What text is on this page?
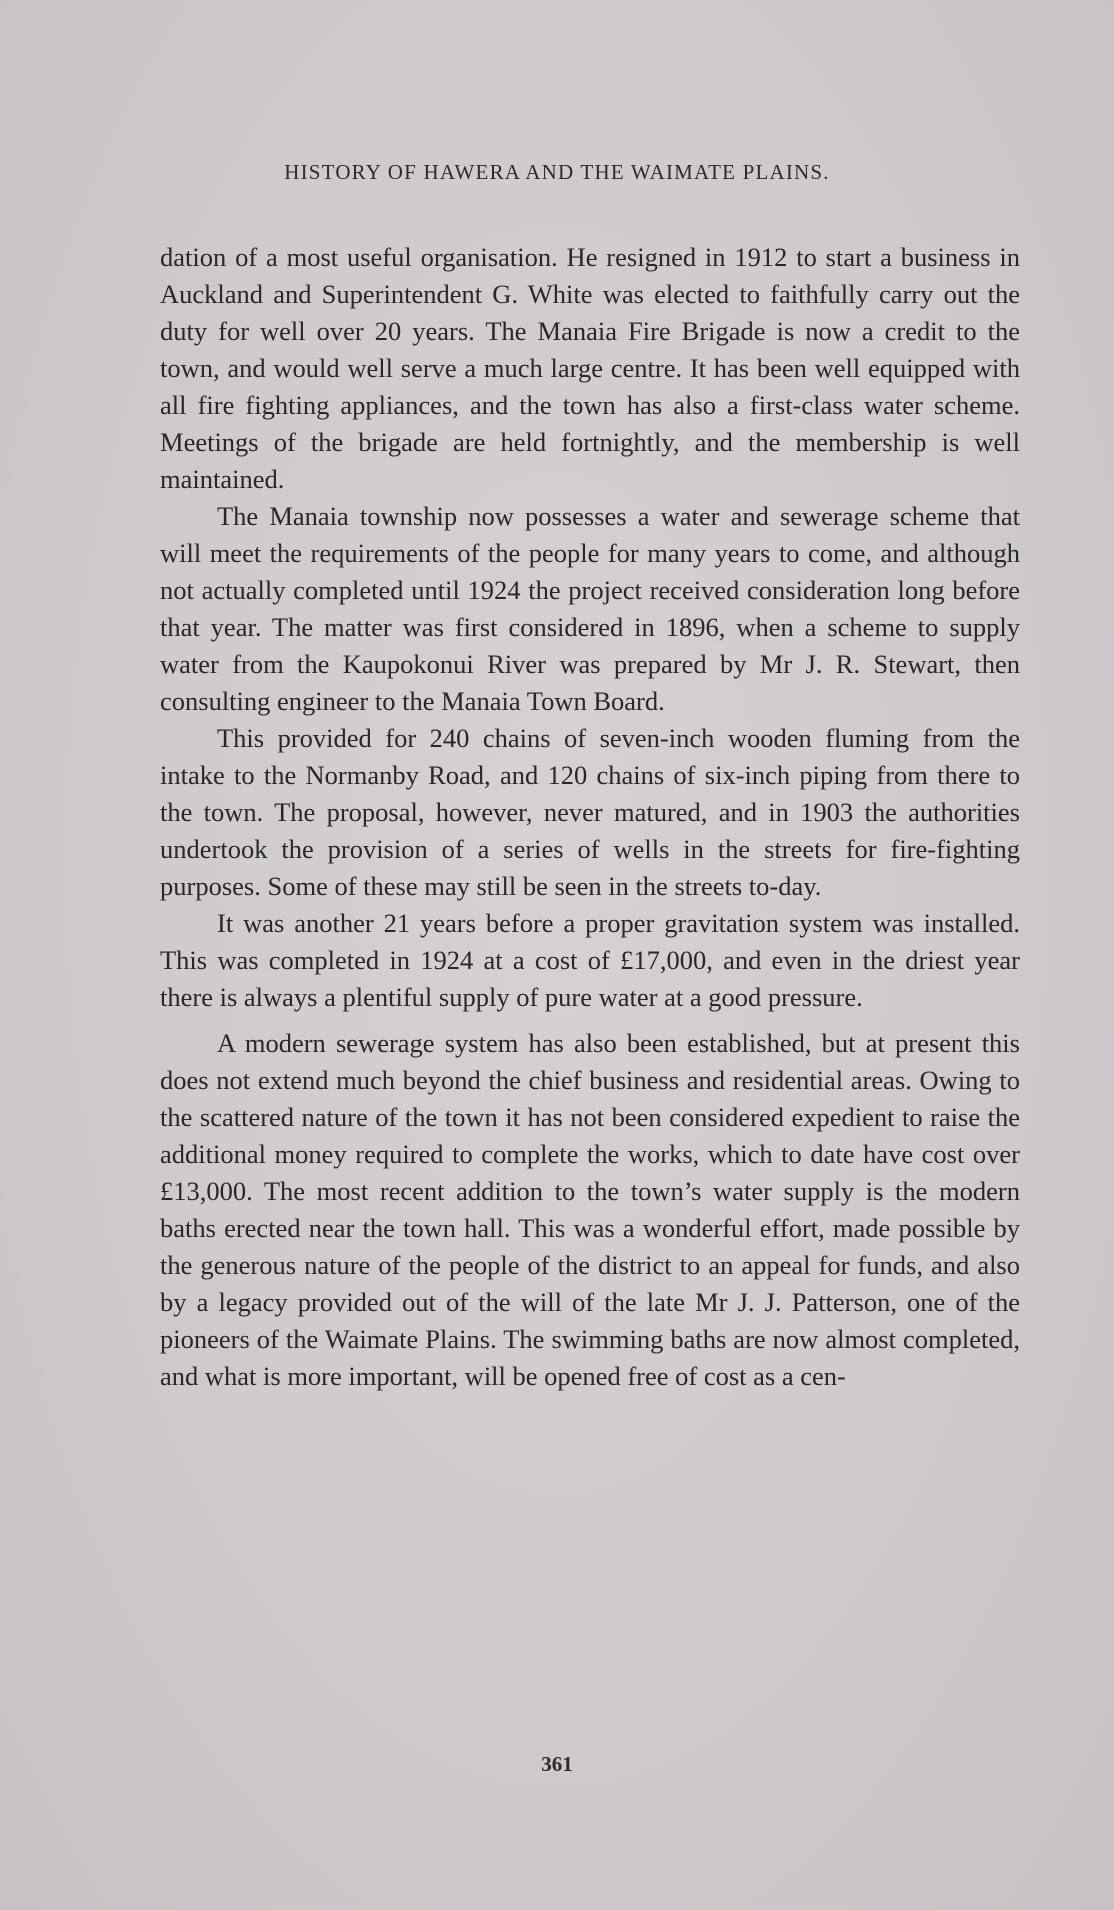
HISTORY OF HAWERA AND THE WAIMATE PLAINS.

dation of a most useful organisation. He resigned in 1912 to start a business in Auckland and Superintendent G. White was elected to faithfully carry out the duty for well over 20 years. The Manaia Fire Brigade is now a credit to the town, and would well serve a much large centre. It has been well equipped with all fire fighting appliances, and the town has also a first-class water scheme. Meetings of the brigade are held fortnightly, and the membership is well maintained.

The Manaia township now possesses a water and sewerage scheme that will meet the requirements of the people for many years to come, and although not actually completed until 1924 the project received consideration long before that year. The matter was first considered in 1896, when a scheme to supply water from the Kaupokonui River was prepared by Mr J. R. Stewart, then consulting engineer to the Manaia Town Board.

This provided for 240 chains of seven-inch wooden fluming from the intake to the Normanby Road, and 120 chains of six-inch piping from there to the town. The proposal, however, never matured, and in 1903 the authorities undertook the provision of a series of wells in the streets for fire-fighting purposes. Some of these may still be seen in the streets to-day.

It was another 21 years before a proper gravitation system was installed. This was completed in 1924 at a cost of £17,000, and even in the driest year there is always a plentiful supply of pure water at a good pressure.

A modern sewerage system has also been established, but at present this does not extend much beyond the chief business and residential areas. Owing to the scattered nature of the town it has not been considered expedient to raise the additional money required to complete the works, which to date have cost over £13,000. The most recent addition to the town’s water supply is the modern baths erected near the town hall. This was a wonderful effort, made possible by the generous nature of the people of the district to an appeal for funds, and also by a legacy provided out of the will of the late Mr J. J. Patterson, one of the pioneers of the Waimate Plains. The swimming baths are now almost completed, and what is more important, will be opened free of cost as a cen-

361
